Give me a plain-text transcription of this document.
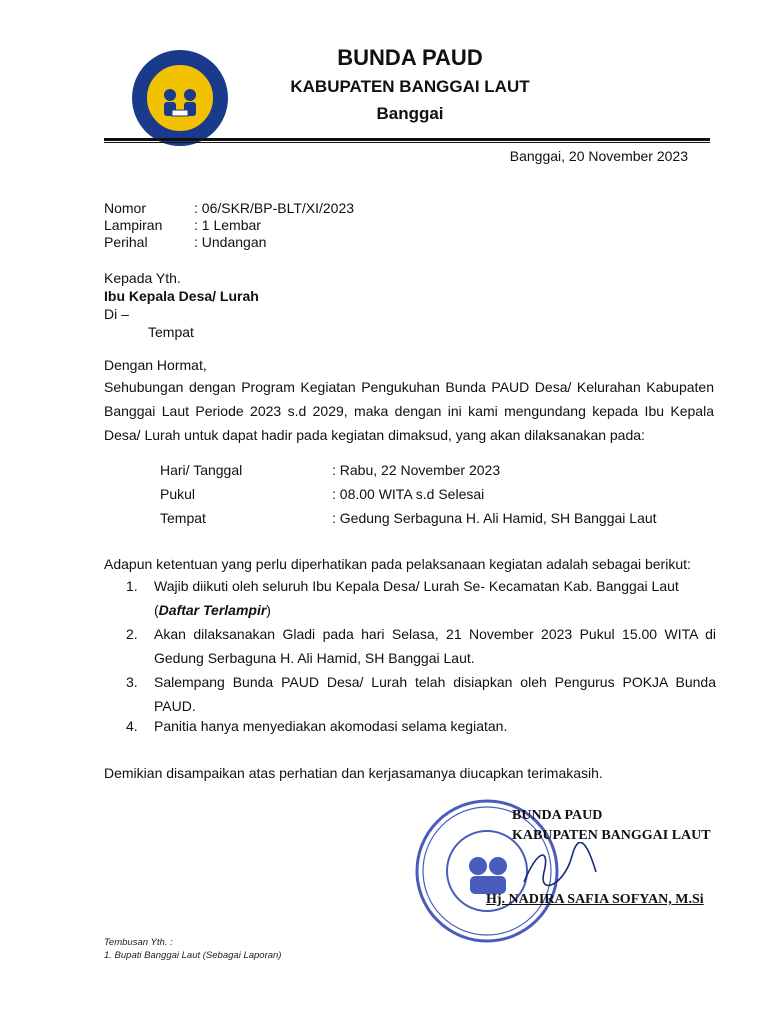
BUNDA PAUD
KABUPATEN BANGGAI LAUT
Banggai
Banggai, 20 November 2023
Nomor	: 06/SKR/BP-BLT/XI/2023
Lampiran : 1 Lembar
Perihal	: Undangan
Kepada Yth.
Ibu Kepala Desa/ Lurah
Di –
Tempat
Dengan Hormat,
Sehubungan dengan Program Kegiatan Pengukuhan Bunda PAUD Desa/ Kelurahan Kabupaten Banggai Laut Periode 2023 s.d 2029, maka dengan ini kami mengundang kepada Ibu Kepala Desa/ Lurah untuk dapat hadir pada kegiatan dimaksud, yang akan dilaksanakan pada:
Hari/ Tanggal	: Rabu, 22 November 2023
Pukul	: 08.00 WITA s.d Selesai
Tempat	: Gedung Serbaguna H. Ali Hamid, SH Banggai Laut
Adapun ketentuan yang perlu diperhatikan pada pelaksanaan kegiatan adalah sebagai berikut:
1. Wajib diikuti oleh seluruh Ibu Kepala Desa/ Lurah Se- Kecamatan Kab. Banggai Laut
(Daftar Terlampir)
2. Akan dilaksanakan Gladi pada hari Selasa, 21 November 2023 Pukul 15.00 WITA di Gedung Serbaguna H. Ali Hamid, SH Banggai Laut.
3. Salempang Bunda PAUD Desa/ Lurah telah disiapkan oleh Pengurus POKJA Bunda PAUD.
4. Panitia hanya menyediakan akomodasi selama kegiatan.
Demikian disampaikan atas perhatian dan kerjasamanya diucapkan terimakasih.
BUNDA PAUD
KABUPATEN BANGGAI LAUT
Hj. NADIRA SAFIA SOFYAN, M.Si
Tembusan Yth. :
1. Bupati Banggai Laut (Sebagai Laporan)
